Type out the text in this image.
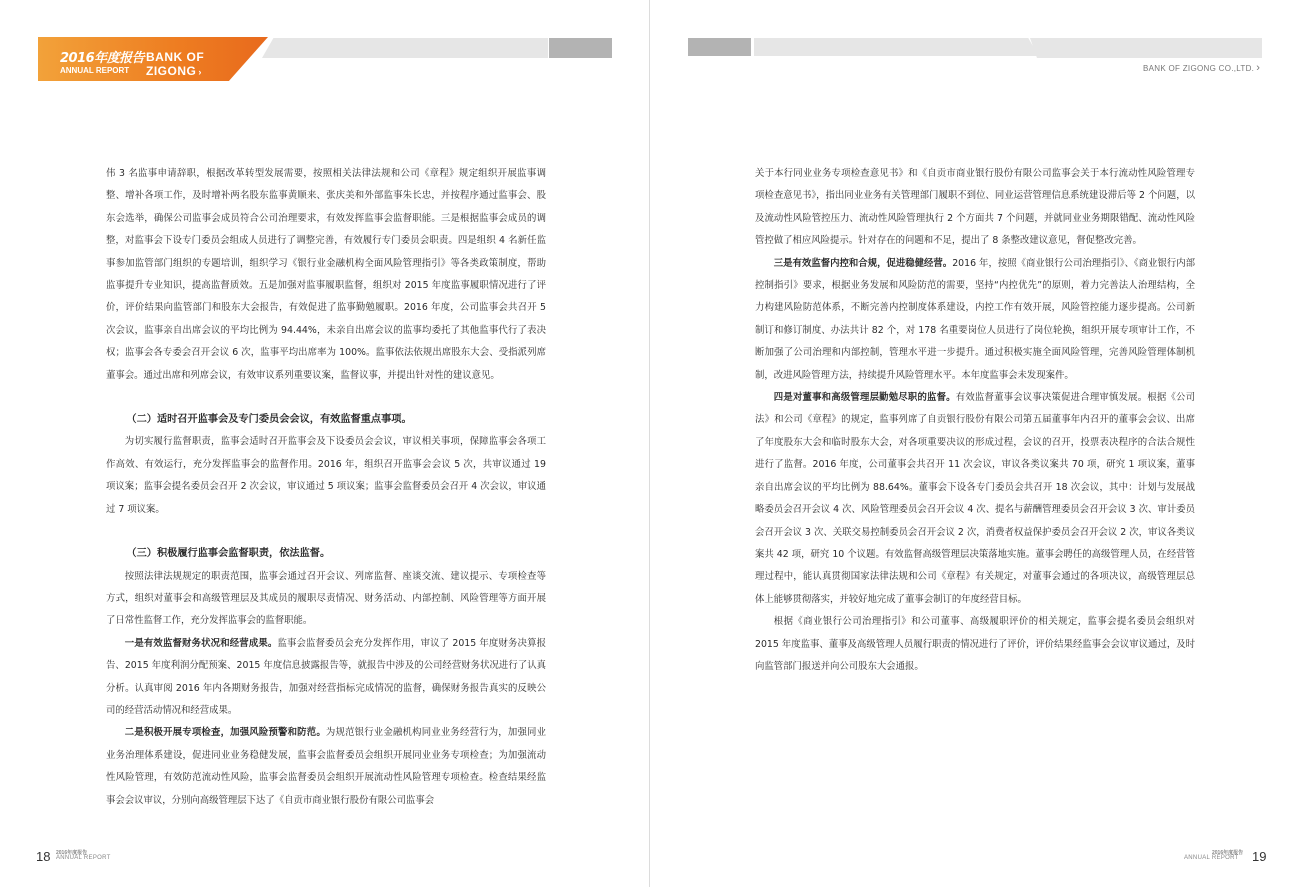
2016年度报告
ANNUAL REPORT
BANK OF
ZIGONG ›

伟 3 名监事申请辞职，根据改革转型发展需要，按照相关法律法规和公司《章程》规定组织开展监事调整、增补各项工作，及时增补两名股东监事黄顺来、张庆美和外部监事朱长忠，并按程序通过监事会、股东会选举，确保公司监事会成员符合公司治理要求，有效发挥监事会监督职能。三是根据监事会成员的调整，对监事会下设专门委员会组成人员进行了调整完善，有效履行专门委员会职责。四是组织 4 名新任监事参加监管部门组织的专题培训，组织学习《银行业金融机构全面风险管理指引》等各类政策制度，帮助监事提升专业知识，提高监督质效。五是加强对监事履职监督，组织对 2015 年度监事履职情况进行了评价，评价结果向监管部门和股东大会报告，有效促进了监事勤勉履职。2016 年度，公司监事会共召开 5 次会议，监事亲自出席会议的平均比例为 94.44%，未亲自出席会议的监事均委托了其他监事代行了表决权；监事会各专委会召开会议 6 次，监事平均出席率为 100%。监事依法依规出席股东大会、受指派列席董事会。通过出席和列席会议，有效审议系列重要议案，监督议事，并提出针对性的建议意见。

（二）适时召开监事会及专门委员会会议，有效监督重点事项。

为切实履行监督职责，监事会适时召开监事会及下设委员会会议，审议相关事项，保障监事会各项工作高效、有效运行，充分发挥监事会的监督作用。2016 年，组织召开监事会会议 5 次，共审议通过 19 项议案；监事会提名委员会召开 2 次会议，审议通过 5 项议案；监事会监督委员会召开 4 次会议，审议通过 7 项议案。

（三）积极履行监事会监督职责，依法监督。

按照法律法规规定的职责范围，监事会通过召开会议、列席监督、座谈交流、建议提示、专项检查等方式，组织对董事会和高级管理层及其成员的履职尽责情况、财务活动、内部控制、风险管理等方面开展了日常性监督工作，充分发挥监事会的监督职能。

一是有效监督财务状况和经营成果。监事会监督委员会充分发挥作用，审议了 2015 年度财务决算报告、2015 年度利润分配预案、2015 年度信息披露报告等，就报告中涉及的公司经营财务状况进行了认真分析。认真审阅 2016 年内各期财务报告，加强对经营指标完成情况的监督，确保财务报告真实的反映公司的经营活动情况和经营成果。

二是积极开展专项检查，加强风险预警和防范。为规范银行业金融机构同业业务经营行为，加强同业业务治理体系建设，促进同业业务稳健发展，监事会监督委员会组织开展同业业务专项检查；为加强流动性风险管理，有效防范流动性风险，监事会监督委员会组织开展流动性风险管理专项检查。检查结果经监事会会议审议，分别向高级管理层下达了《自贡市商业银行股份有限公司监事会

18 2016年度报告
ANNUAL REPORT
BANK OF ZIGONG CO.,LTD. ›

关于本行同业业务专项检查意见书》和《自贡市商业银行股份有限公司监事会关于本行流动性风险管理专项检查意见书》，指出同业业务有关管理部门履职不到位、同业运营管理信息系统建设滞后等 2 个问题，以及流动性风险管控压力、流动性风险管理执行 2 个方面共 7 个问题，并就同业业务期限错配、流动性风险管控做了相应风险提示。针对存在的问题和不足，提出了 8 条整改建议意见，督促整改完善。

三是有效监督内控和合规，促进稳健经营。2016 年，按照《商业银行公司治理指引》、《商业银行内部控制指引》要求，根据业务发展和风险防范的需要，坚持“内控优先”的原则，着力完善法人治理结构，全力构建风险防范体系，不断完善内控制度体系建设，内控工作有效开展，风险管控能力逐步提高。公司新制订和修订制度、办法共计 82 个，对 178 名重要岗位人员进行了岗位轮换，组织开展专项审计工作，不断加强了公司治理和内部控制，管理水平进一步提升。通过积极实施全面风险管理，完善风险管理体制机制，改进风险管理方法，持续提升风险管理水平。本年度监事会未发现案件。

四是对董事和高级管理层勤勉尽职的监督。有效监督董事会议事决策促进合理审慎发展。根据《公司法》和公司《章程》的规定，监事列席了自贡银行股份有限公司第五届董事年内召开的董事会会议、出席了年度股东大会和临时股东大会，对各项重要决议的形成过程，会议的召开，投票表决程序的合法合规性进行了监督。2016 年度，公司董事会共召开 11 次会议，审议各类议案共 70 项，研究 1 项议案，董事亲自出席会议的平均比例为 88.64%。董事会下设各专门委员会共召开 18 次会议，其中：计划与发展战略委员会召开会议 4 次、风险管理委员会召开会议 4 次、提名与薪酬管理委员会召开会议 3 次、审计委员会召开会议 3 次、关联交易控制委员会召开会议 2 次，消费者权益保护委员会召开会议 2 次，审议各类议案共 42 项，研究 10 个议题。有效监督高级管理层决策落地实施。董事会聘任的高级管理人员，在经营管理过程中，能认真贯彻国家法律法规和公司《章程》有关规定，对董事会通过的各项决议，高级管理层总体上能够贯彻落实，并较好地完成了董事会制订的年度经营目标。

根据《商业银行公司治理指引》和公司董事、高级履职评价的相关规定，监事会提名委员会组织对 2015 年度监事、董事及高级管理人员履行职责的情况进行了评价，评价结果经监事会会议审议通过，及时向监管部门报送并向公司股东大会通报。

2016年度报告
ANNUAL REPORT 19
